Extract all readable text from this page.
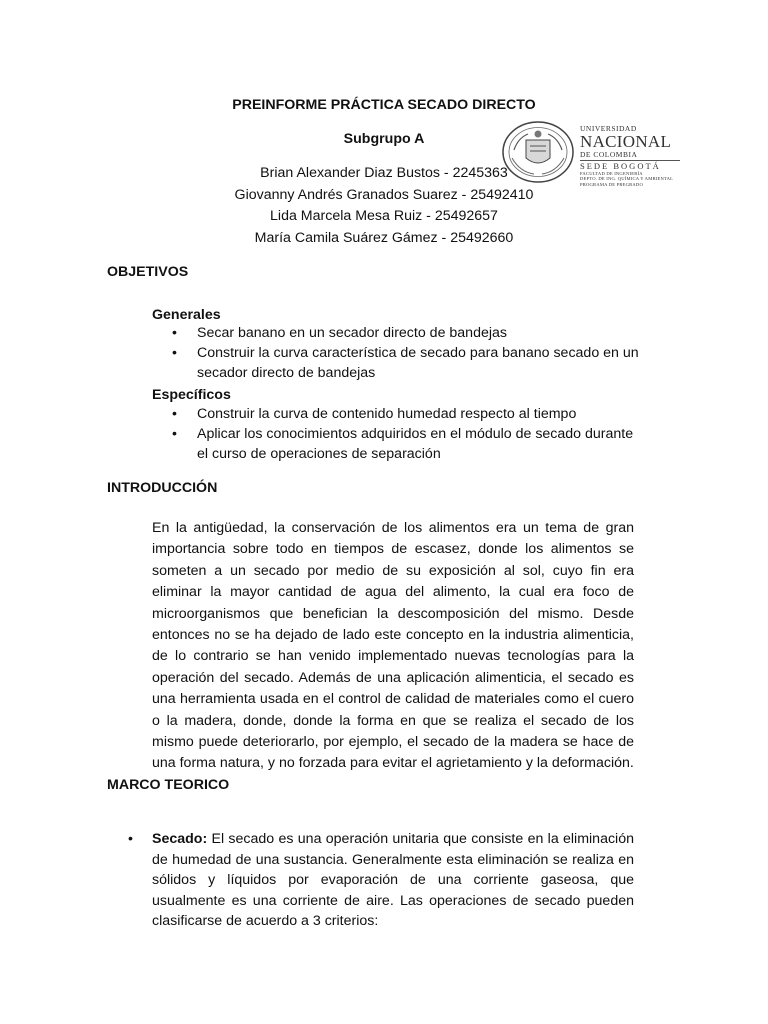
PREINFORME PRÁCTICA SECADO DIRECTO
Subgrupo A
Brian Alexander Diaz Bustos - 2245363
Giovanny Andrés Granados Suarez - 25492410
Lida Marcela Mesa Ruiz - 25492657
María Camila Suárez Gámez - 25492660
UNIVERSIDAD
NACIONAL
DE COLOMBIA
SEDE BOGOTÁ
FACULTAD DE INGENIERÍA
DEPTO. DE ING. QUÍMICA Y AMBIENTAL
PROGRAMA DE PREGRADO
OBJETIVOS
Generales
• Secar banano en un secador directo de bandejas
• Construir la curva característica de secado para banano secado en un secador directo de bandejas
Específicos
• Construir la curva de contenido humedad respecto al tiempo
• Aplicar los conocimientos adquiridos en el módulo de secado durante el curso de operaciones de separación
INTRODUCCIÓN

En la antigüedad, la conservación de los alimentos era un tema de gran importancia sobre todo en tiempos de escasez, donde los alimentos se someten a un secado por medio de su exposición al sol, cuyo fin era eliminar la mayor cantidad de agua del alimento, la cual era foco de microorganismos que benefician la descomposición del mismo. Desde entonces no se ha dejado de lado este concepto en la industria alimenticia, de lo contrario se han venido implementado nuevas tecnologías para la operación del secado. Además de una aplicación alimenticia, el secado es una herramienta usada en el control de calidad de materiales como el cuero o la madera, donde, donde la forma en que se realiza el secado de los mismo puede deteriorarlo, por ejemplo, el secado de la madera se hace de una forma natura, y no forzada para evitar el agrietamiento y la deformación.

MARCO TEORICO
• Secado: El secado es una operación unitaria que consiste en la eliminación de humedad de una sustancia. Generalmente esta eliminación se realiza en sólidos y líquidos por evaporación de una corriente gaseosa, que usualmente es una corriente de aire. Las operaciones de secado pueden clasificarse de acuerdo a 3 criterios:
